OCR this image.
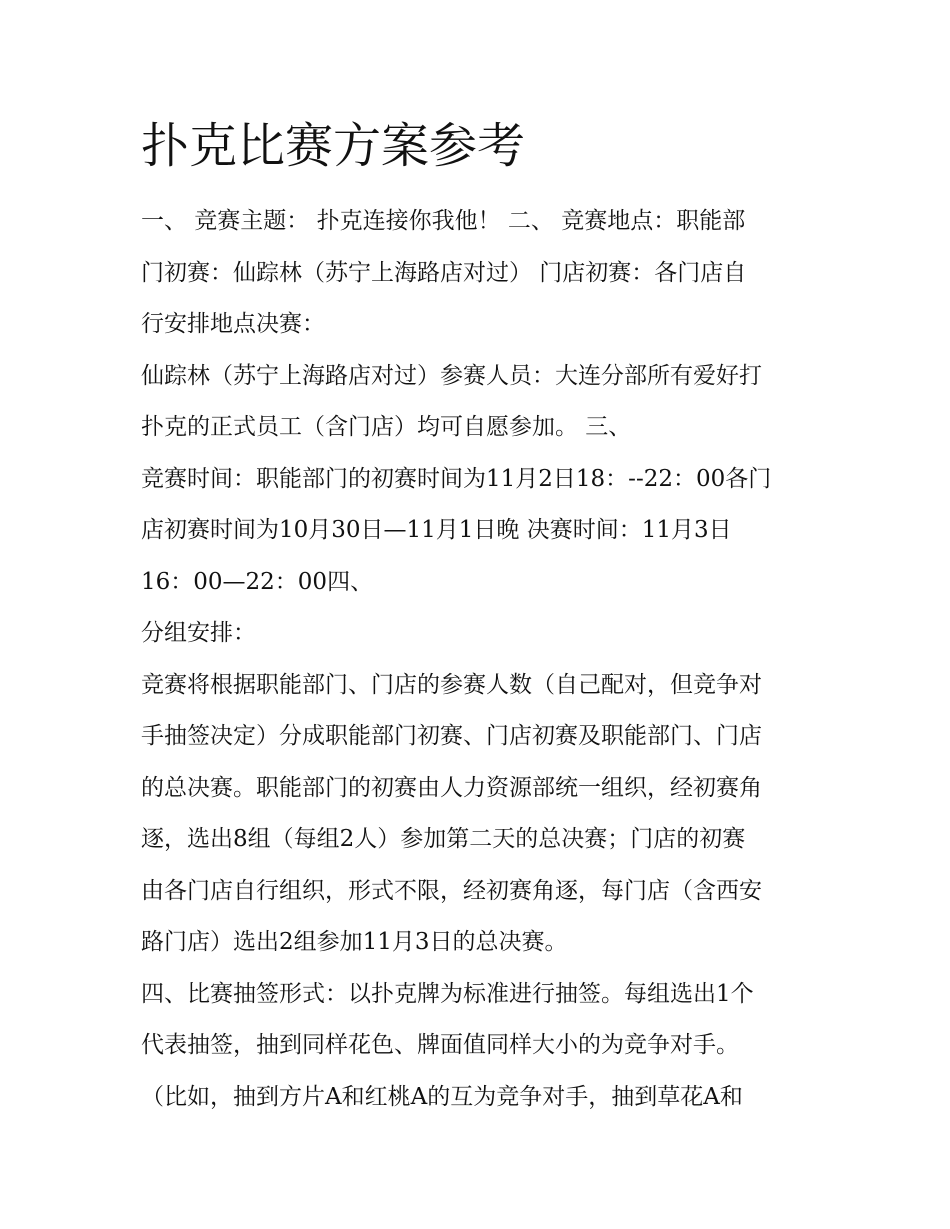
扑克比赛方案参考
一、 竞赛主题： 扑克连接你我他！ 二、 竞赛地点：职能部
门初赛：仙踪林（苏宁上海路店对过） 门店初赛：各门店自
行安排地点决赛：
仙踪林（苏宁上海路店对过）参赛人员：大连分部所有爱好打
扑克的正式员工（含门店）均可自愿参加。 三、
竞赛时间：职能部门的初赛时间为11月2日18：--22：00各门
店初赛时间为10月30日—11月1日晚 决赛时间：11月3日
16：00—22：00四、
分组安排：
竞赛将根据职能部门、门店的参赛人数（自己配对，但竞争对
手抽签决定）分成职能部门初赛、门店初赛及职能部门、门店
的总决赛。职能部门的初赛由人力资源部统一组织，经初赛角
逐，选出8组（每组2人）参加第二天的总决赛；门店的初赛
由各门店自行组织，形式不限，经初赛角逐，每门店（含西安
路门店）选出2组参加11月3日的总决赛。
四、比赛抽签形式：以扑克牌为标准进行抽签。每组选出1个
代表抽签，抽到同样花色、牌面值同样大小的为竞争对手。
（比如，抽到方片A和红桃A的互为竞争对手，抽到草花A和
